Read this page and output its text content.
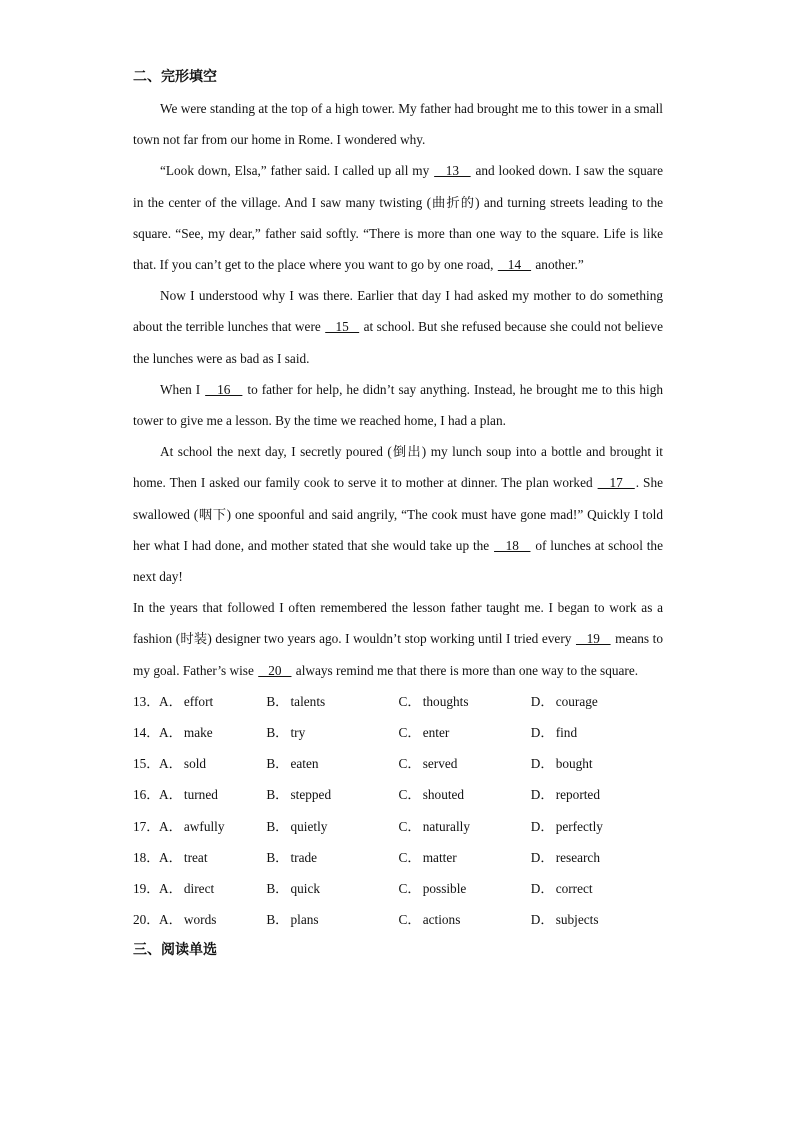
二、完形填空

We were standing at the top of a high tower. My father had brought me to this tower in a small town not far from our home in Rome. I wondered why.

“Look down, Elsa,” father said. I called up all my    13    and looked down. I saw the square in the center of the village. And I saw many twisting (曲折的) and turning streets leading to the square. “See, my dear,” father said softly. “There is more than one way to the square. Life is like that. If you can’t get to the place where you want to go by one road,    14    another.”

Now I understood why I was there. Earlier that day I had asked my mother to do something about the terrible lunches that were    15    at school. But she refused because she could not believe the lunches were as bad as I said.

When I    16    to father for help, he didn’t say anything. Instead, he brought me to this high tower to give me a lesson. By the time we reached home, I had a plan.

At school the next day, I secretly poured (倒出) my lunch soup into a bottle and brought it home. Then I asked our family cook to serve it to mother at dinner. The plan worked    17   . She swallowed (咽下) one spoonful and said angrily, “The cook must have gone mad!” Quickly I told her what I had done, and mother stated that she would take up the    18    of lunches at school the next day!

In the years that followed I often remembered the lesson father taught me. I began to work as a fashion (时装) designer two years ago. I wouldn’t stop working until I tried every    19    means to my goal. Father’s wise    20    always remind me that there is more than one way to the square.

13． A． effort	B． talents	C． thoughts	D． courage
14． A． make	B． try	C． enter	D． find
15． A． sold	B． eaten	C． served	D． bought
16． A． turned	B． stepped	C． shouted	D． reported
17． A． awfully	B． quietly	C． naturally	D． perfectly
18． A． treat	B． trade	C． matter	D． research
19． A． direct	B． quick	C． possible	D． correct
20． A． words	B． plans	C． actions	D． subjects
三、阅读单选
